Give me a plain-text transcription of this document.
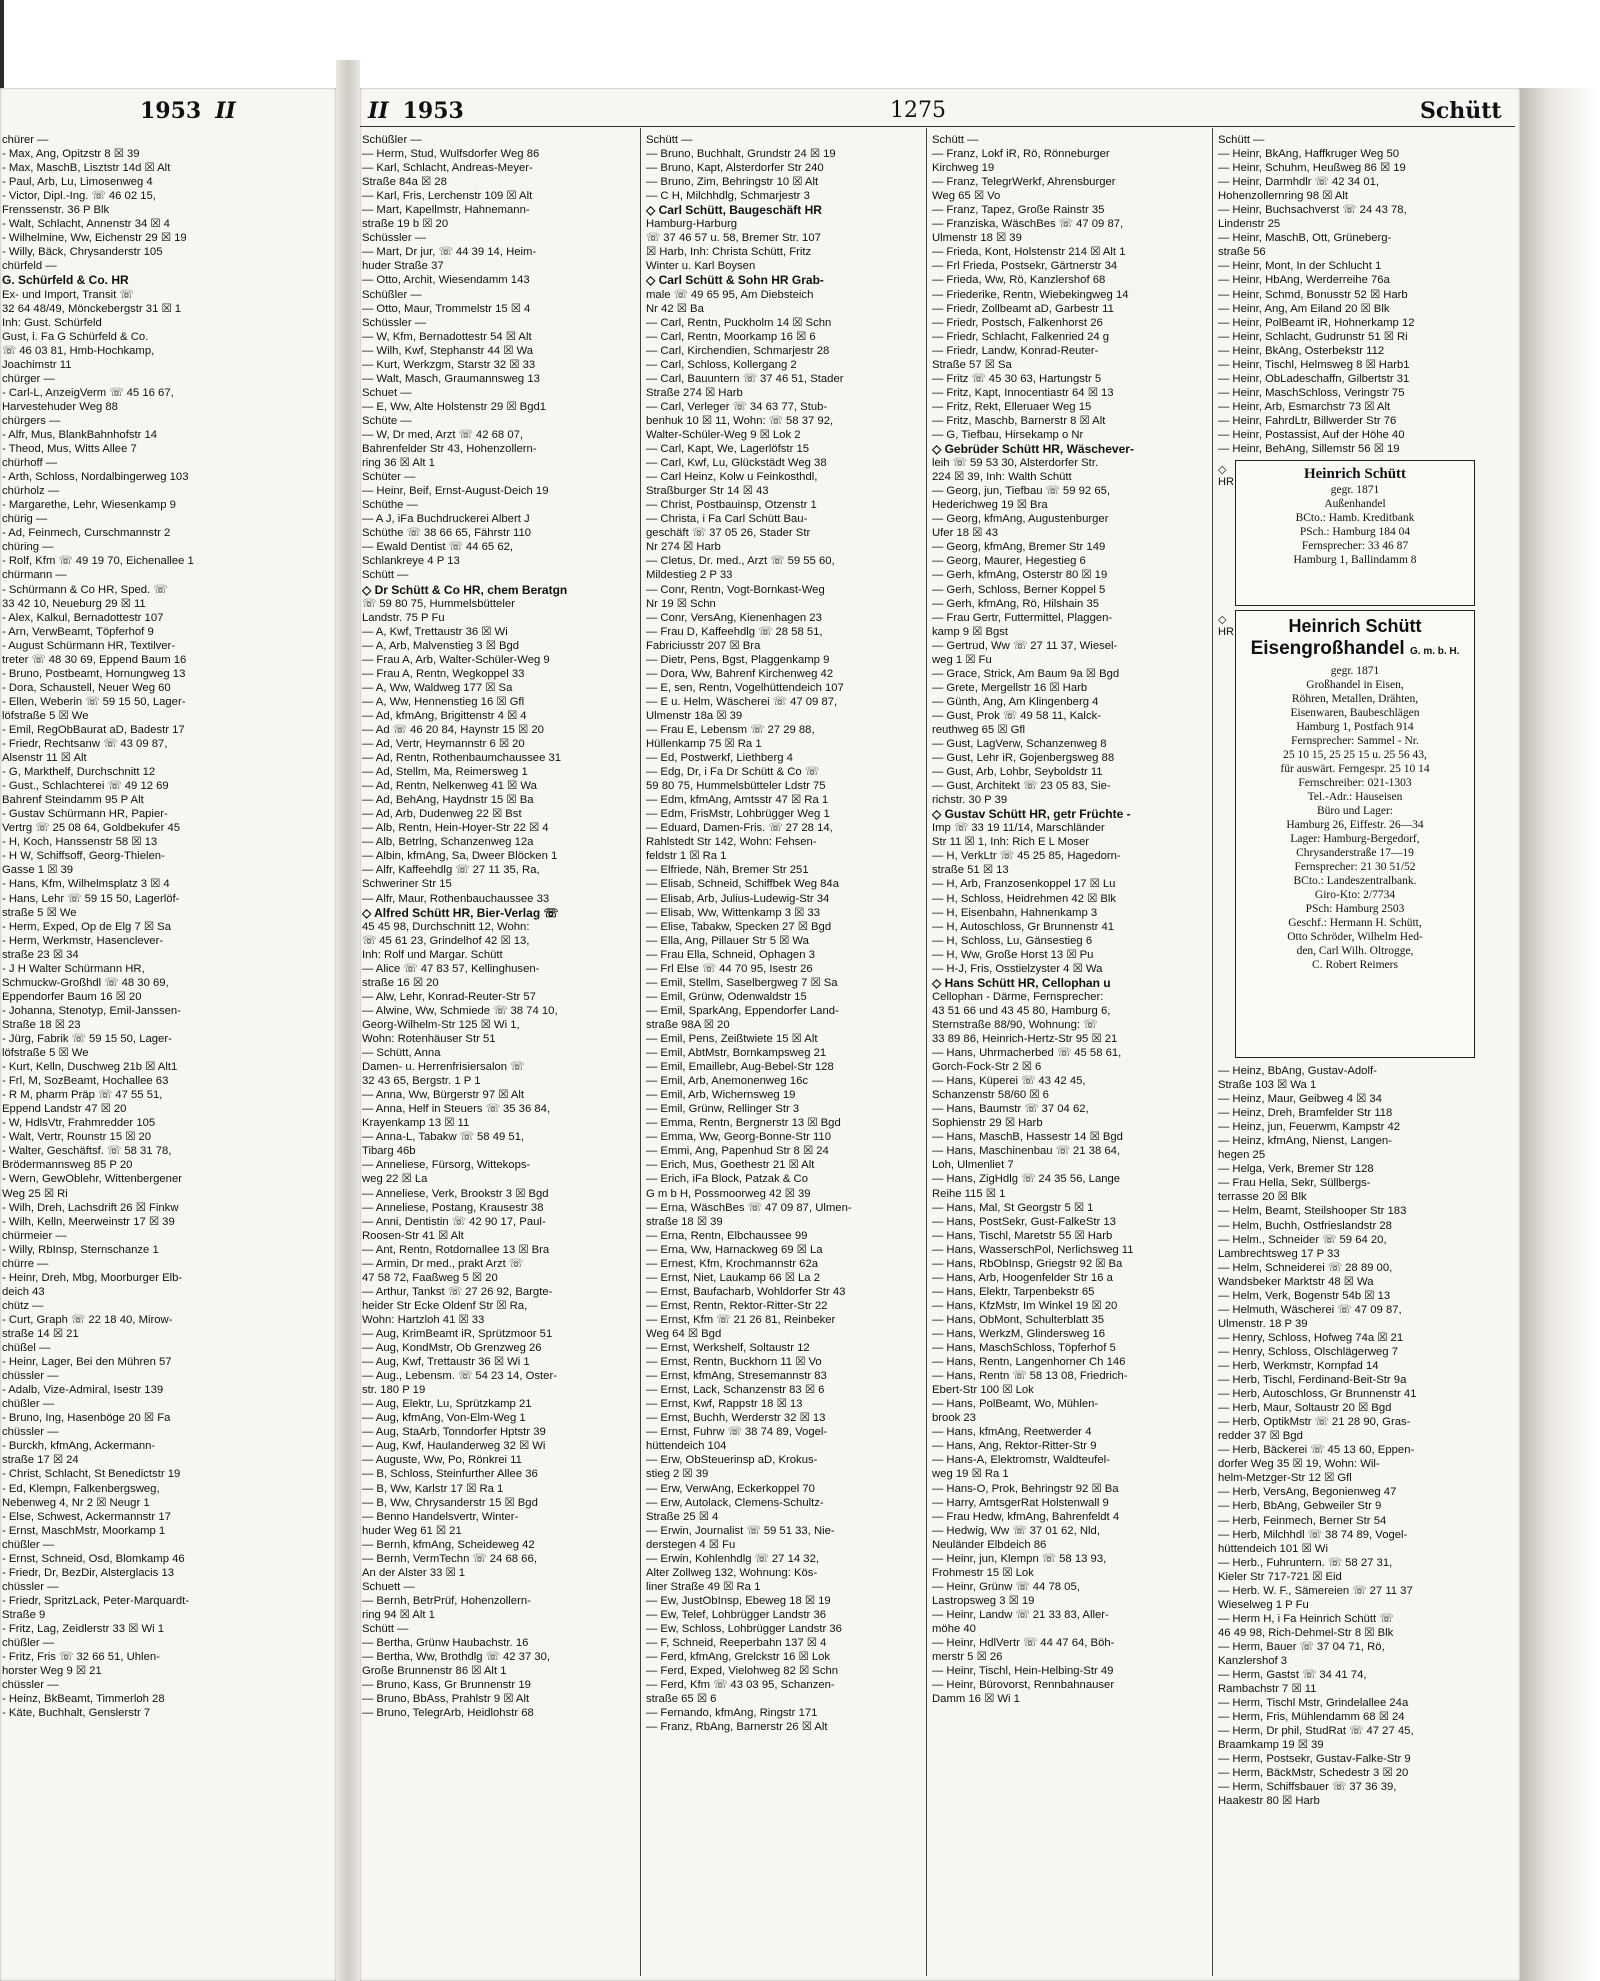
1953 II
chürer —
- Max, Ang, Opitzstr 8 ☒ 39
- Max, MaschB, Lisztstr 14d ☒ Alt
- Paul, Arb, Lu, Limosenweg 4
- Victor, Dipl.-Ing. ☏ 46 02 15,
Frenssenstr. 36 P Blk
- Walt, Schlacht, Annenstr 34 ☒ 4
- Wilhelmine, Ww, Eichenstr 29 ☒ 19
- Willy, Bäck, Chrysanderstr 105
chürfeld —
G. Schürfeld & Co. HR
Ex- und Import, Transit ☏
32 64 48/49, Mönckebergstr 31 ☒ 1
Inh: Gust. Schürfeld
Gust, i. Fa G Schürfeld & Co.
☏ 46 03 81, Hmb-Hochkamp,
Joachimstr 11
chürger —
- Carl-L, AnzeigVerm ☏ 45 16 67,
Harvestehuder Weg 88
chürgers —
- Alfr, Mus, BlankBahnhofstr 14
- Theod, Mus, Witts Allee 7
chürhoff —
- Arth, Schloss, Nordalbingerweg 103
chürholz —
- Margarethe, Lehr, Wiesenkamp 9
chürig —
- Ad, Feinmech, Curschmannstr 2
chüring —
- Rolf, Kfm ☏ 49 19 70, Eichenallee 1
chürmann —
- Schürmann & Co HR, Sped. ☏
33 42 10, Neueburg 29 ☒ 11
- Alex, Kalkul, Bernadottestr 107
- Arn, VerwBeamt, Töpferhof 9
- August Schürmann HR, Textilver-
treter ☏ 48 30 69, Eppend Baum 16
- Bruno, Postbeamt, Hornungweg 13
- Dora, Schaustell, Neuer Weg 60
- Ellen, Weberin ☏ 59 15 50, Lager-
löfstraße 5 ☒ We
- Emil, RegObBaurat aD, Badestr 17
- Friedr, Rechtsanw ☏ 43 09 87,
Alsenstr 11 ☒ Alt
- G, Markthelf, Durchschnitt 12
- Gust., Schlachterei ☏ 49 12 69
Bahrenf Steindamm 95 P Alt
- Gustav Schürmann HR, Papier-
Vertrg ☏ 25 08 64, Goldbekufer 45
- H, Koch, Hanssenstr 58 ☒ 13
- H W, Schiffsoff, Georg-Thielen-
Gasse 1 ☒ 39
- Hans, Kfm, Wilhelmsplatz 3 ☒ 4
- Hans, Lehr ☏ 59 15 50, Lagerlöf-
straße 5 ☒ We
- Herm, Exped, Op de Elg 7 ☒ Sa
- Herm, Werkmstr, Hasenclever-
straße 23 ☒ 34
- J H Walter Schürmann HR,
Schmuckw-Großhdl ☏ 48 30 69,
Eppendorfer Baum 16 ☒ 20
- Johanna, Stenotyp, Emil-Janssen-
Straße 18 ☒ 23
- Jürg, Fabrik ☏ 59 15 50, Lager-
löfstraße 5 ☒ We
- Kurt, Kelln, Duschweg 21b ☒ Alt1
- Frl, M, SozBeamt, Hochallee 63
- R M, pharm Präp ☏ 47 55 51,
Eppend Landstr 47 ☒ 20
- W, HdlsVtr, Frahmredder 105
- Walt, Vertr, Rounstr 15 ☒ 20
- Walter, Geschäftsf. ☏ 58 31 78,
Brödermannsweg 85 P 20
- Wern, GewOblehr, Wittenbergener
Weg 25 ☒ Ri
- Wilh, Dreh, Lachsdrift 26 ☒ Finkw
- Wilh, Kelln, Meerweinstr 17 ☒ 39
chürmeier —
- Willy, RbInsp, Sternschanze 1
chürre —
- Heinr, Dreh, Mbg, Moorburger Elb-
deich 43
chütz —
- Curt, Graph ☏ 22 18 40, Mirow-
straße 14 ☒ 21
chüßel —
- Heinr, Lager, Bei den Mühren 57
chüssler —
- Adalb, Vize-Admiral, Isestr 139
chüßler —
- Bruno, Ing, Hasenböge 20 ☒ Fa
chüssler —
- Burckh, kfmAng, Ackermann-
straße 17 ☒ 24
- Christ, Schlacht, St Benedictstr 19
- Ed, Klempn, Falkenbergsweg,
Nebenweg 4, Nr 2 ☒ Neugr 1
- Else, Schwest, Ackermannstr 17
- Ernst, MaschMstr, Moorkamp 1
chüßler —
- Ernst, Schneid, Osd, Blomkamp 46
- Friedr, Dr, BezDir, Alsterglacis 13
chüssler —
- Friedr, SpritzLack, Peter-Marquardt-
Straße 9
- Fritz, Lag, Zeidlerstr 33 ☒ Wi 1
chüßler —
- Fritz, Fris ☏ 32 66 51, Uhlen-
horster Weg 9 ☒ 21
chüssler —
- Heinz, BkBeamt, Timmerloh 28
- Käte, Buchhalt, Genslerstr 7
II 1953	1275	Schütt
Schüßler —
— Herm, Stud, Wulfsdorfer Weg 86
— Karl, Schlacht, Andreas-Meyer-
Straße 84a ☒ 28
— Karl, Fris, Lerchenstr 109 ☒ Alt
— Mart, Kapellmstr, Hahnemann-
straße 19 b ☒ 20
Schüssler —
— Mart, Dr jur, ☏ 44 39 14, Heim-
huder Straße 37
— Otto, Archit, Wiesendamm 143
Schüßler —
— Otto, Maur, Trommelstr 15 ☒ 4
Schüssler —
— W, Kfm, Bernadottestr 54 ☒ Alt
— Wilh, Kwf, Stephanstr 44 ☒ Wa
— Kurt, Werkzgm, Starstr 32 ☒ 33
— Walt, Masch, Graumannsweg 13
Schuet —
— E, Ww, Alte Holstenstr 29 ☒ Bgd1
Schüte —
— W, Dr med, Arzt ☏ 42 68 07,
Bahrenfelder Str 43, Hohenzollern-
ring 36 ☒ Alt 1
Schüter —
— Heinr, Beif, Ernst-August-Deich 19
Schüthe —
— A J, iFa Buchdruckerei Albert J
Schüthe ☏ 38 66 65, Fährstr 110
— Ewald Dentist ☏ 44 65 62,
Schlankreye 4 P 13
Schütt —
◇ Dr Schütt & Co HR, chem Beratgn
☏ 59 80 75, Hummelsbütteler
Landstr. 75 P Fu
— A, Kwf, Trettaustr 36 ☒ Wi
— A, Arb, Malvenstieg 3 ☒ Bgd
— Frau A, Arb, Walter-Schüler-Weg 9
— Frau A, Rentn, Wegkoppel 33
— A, Ww, Waldweg 177 ☒ Sa
— A, Ww, Hennenstieg 16 ☒ Gfl
— Ad, kfmAng, Brigittenstr 4 ☒ 4
— Ad ☏ 46 20 84, Haynstr 15 ☒ 20
— Ad, Vertr, Heymannstr 6 ☒ 20
— Ad, Rentn, Rothenbaumchaussee 31
— Ad, Stellm, Ma, Reimersweg 1
— Ad, Rentn, Nelkenweg 41 ☒ Wa
— Ad, BehAng, Haydnstr 15 ☒ Ba
— Ad, Arb, Dudenweg 22 ☒ Bst
— Alb, Rentn, Hein-Hoyer-Str 22 ☒ 4
— Alb, Betrlng, Schanzenweg 12a
— Albin, kfmAng, Sa, Dweer Blöcken 1
— Alfr, Kaffeehdlg ☏ 27 11 35, Ra,
Schweriner Str 15
— Alfr, Maur, Rothenbauchaussee 33
◇ Alfred Schütt HR, Bier-Verlag ☏
45 45 98, Durchschnitt 12, Wohn:
☏ 45 61 23, Grindelhof 42 ☒ 13,
Inh: Rolf und Margar. Schütt
— Alice ☏ 47 83 57, Kellinghusen-
straße 16 ☒ 20
— Alw, Lehr, Konrad-Reuter-Str 57
— Alwine, Ww, Schmiede ☏ 38 74 10,
Georg-Wilhelm-Str 125 ☒ Wi 1,
Wohn: Rotenhäuser Str 51
— Schütt, Anna
Damen- u. Herrenfrisiersalon ☏
32 43 65, Bergstr. 1 P 1
— Anna, Ww, Bürgerstr 97 ☒ Alt
— Anna, Helf in Steuers ☏ 35 36 84,
Krayenkamp 13 ☒ 11
— Anna-L, Tabakw ☏ 58 49 51,
Tibarg 46b
— Anneliese, Fürsorg, Wittekops-
weg 22 ☒ La
— Anneliese, Verk, Brookstr 3 ☒ Bgd
— Anneliese, Postang, Krausestr 38
— Anni, Dentistin ☏ 42 90 17, Paul-
Roosen-Str 41 ☒ Alt
— Ant, Rentn, Rotdornallee 13 ☒ Bra
— Armin, Dr med., prakt Arzt ☏
47 58 72, Faaßweg 5 ☒ 20
— Arthur, Tankst ☏ 27 26 92, Bargte-
heider Str Ecke Oldenf Str ☒ Ra,
Wohn: Hartzloh 41 ☒ 33
— Aug, KrimBeamt iR, Sprützmoor 51
— Aug, KondMstr, Ob Grenzweg 26
— Aug, Kwf, Trettaustr 36 ☒ Wi 1
— Aug., Lebensm. ☏ 54 23 14, Oster-
str. 180 P 19
— Aug, Elektr, Lu, Sprützkamp 21
— Aug, kfmAng, Von-Elm-Weg 1
— Aug, StaArb, Tonndorfer Hptstr 39
— Aug, Kwf, Haulanderweg 32 ☒ Wi
— Auguste, Ww, Po, Rönkrei 11
— B, Schloss, Steinfurther Allee 36
— B, Ww, Karlstr 17 ☒ Ra 1
— B, Ww, Chrysanderstr 15 ☒ Bgd
— Benno Handelsvertr, Winter-
huder Weg 61 ☒ 21
— Bernh, kfmAng, Scheideweg 42
— Bernh, VermTechn ☏ 24 68 66,
An der Alster 33 ☒ 1
Schuett —
— Bernh, BetrPrüf, Hohenzollern-
ring 94 ☒ Alt 1
Schütt —
— Bertha, Grünw Haubachstr. 16
— Bertha, Ww, Brothdlg ☏ 42 37 30,
Große Brunnenstr 86 ☒ Alt 1
— Bruno, Kass, Gr Brunnenstr 19
— Bruno, BbAss, Prahlstr 9 ☒ Alt
— Bruno, TelegrArb, Heidlohstr 68
Schütt —
— Bruno, Buchhalt, Grundstr 24 ☒ 19
— Bruno, Kapt, Alsterdorfer Str 240
— Bruno, Zim, Behringstr 10 ☒ Alt
— C H, Milchhdlg, Schmarjestr 3
◇ Carl Schütt, Baugeschäft HR
Hamburg-Harburg
☏ 37 46 57 u. 58, Bremer Str. 107
☒ Harb, Inh: Christa Schütt, Fritz
Winter u. Karl Boysen
◇ Carl Schütt & Sohn HR Grab-
male ☏ 49 65 95, Am Diebsteich
Nr 42 ☒ Ba
— Carl, Rentn, Puckholm 14 ☒ Schn
— Carl, Rentn, Moorkamp 16 ☒ 6
— Carl, Kirchendien, Schmarjestr 28
— Carl, Schloss, Kollergang 2
— Carl, Bauuntern ☏ 37 46 51, Stader
Straße 274 ☒ Harb
— Carl, Verleger ☏ 34 63 77, Stub-
benhuk 10 ☒ 11, Wohn: ☏ 58 37 92,
Walter-Schüler-Weg 9 ☒ Lok 2
— Carl, Kapt, We, Lagerlöfstr 15
— Carl, Kwf, Lu, Glückstädt Weg 38
— Carl Heinz, Kolw u Feinkosthdl,
Straßburger Str 14 ☒ 43
— Christ, Postbauinsp, Otzenstr 1
— Christa, i Fa Carl Schütt Bau-
geschäft ☏ 37 05 26, Stader Str
Nr 274 ☒ Harb
— Cletus, Dr. med., Arzt ☏ 59 55 60,
Mildestieg 2 P 33
— Conr, Rentn, Vogt-Bornkast-Weg
Nr 19 ☒ Schn
— Conr, VersAng, Kienenhagen 23
— Frau D, Kaffeehdlg ☏ 28 58 51,
Fabriciusstr 207 ☒ Bra
— Dietr, Pens, Bgst, Plaggenkamp 9
— Dora, Ww, Bahrenf Kirchenweg 42
— E, sen, Rentn, Vogelhüttendeich 107
— E u. Helm, Wäscherei ☏ 47 09 87,
Ulmenstr 18a ☒ 39
— Frau E, Lebensm ☏ 27 29 88,
Hüllenkamp 75 ☒ Ra 1
— Ed, Postwerkf, Liethberg 4
— Edg, Dr, i Fa Dr Schütt & Co ☏
59 80 75, Hummelsbütteler Ldstr 75
— Edm, kfmAng, Amtsstr 47 ☒ Ra 1
— Edm, FrisMstr, Lohbrügger Weg 1
— Eduard, Damen-Fris. ☏ 27 28 14,
Rahlstedt Str 142, Wohn: Fehsen-
feldstr 1 ☒ Ra 1
— Elfriede, Näh, Bremer Str 251
— Elisab, Schneid, Schiffbek Weg 84a
— Elisab, Arb, Julius-Ludewig-Str 34
— Elisab, Ww, Wittenkamp 3 ☒ 33
— Elise, Tabakw, Specken 27 ☒ Bgd
— Ella, Ang, Pillauer Str 5 ☒ Wa
— Frau Ella, Schneid, Ophagen 3
— Frl Else ☏ 44 70 95, Isestr 26
— Emil, Stellm, Saselbergweg 7 ☒ Sa
— Emil, Grünw, Odenwaldstr 15
— Emil, SparkAng, Eppendorfer Land-
straße 98A ☒ 20
— Emil, Pens, Zeißtwiete 15 ☒ Alt
— Emil, AbtMstr, Bornkampsweg 21
— Emil, Emaillebr, Aug-Bebel-Str 128
— Emil, Arb, Anemonenweg 16c
— Emil, Arb, Wichernsweg 19
— Emil, Grünw, Rellinger Str 3
— Emma, Rentn, Bergnerstr 13 ☒ Bgd
— Emma, Ww, Georg-Bonne-Str 110
— Emmi, Ang, Papenhud Str 8 ☒ 24
— Erich, Mus, Goethestr 21 ☒ Alt
— Erich, iFa Block, Patzak & Co
G m b H, Possmoorweg 42 ☒ 39
— Erna, WäschBes ☏ 47 09 87, Ulmen-
straße 18 ☒ 39
— Erna, Rentn, Elbchaussee 99
— Erna, Ww, Harnackweg 69 ☒ La
— Ernest, Kfm, Krochmannstr 62a
— Ernst, Niet, Laukamp 66 ☒ La 2
— Ernst, Baufacharb, Wohldorfer Str 43
— Ernst, Rentn, Rektor-Ritter-Str 22
— Ernst, Kfm ☏ 21 26 81, Reinbeker
Weg 64 ☒ Bgd
— Ernst, Werkshelf, Soltaustr 12
— Ernst, Rentn, Buckhorn 11 ☒ Vo
— Ernst, kfmAng, Stresemannstr 83
— Ernst, Lack, Schanzenstr 83 ☒ 6
— Ernst, Kwf, Rappstr 18 ☒ 13
— Ernst, Buchh, Werderstr 32 ☒ 13
— Ernst, Fuhrw ☏ 38 74 89, Vogel-
hüttendeich 104
— Erw, ObSteuerinsp aD, Krokus-
stieg 2 ☒ 39
— Erw, VerwAng, Eckerkoppel 70
— Erw, Autolack, Clemens-Schultz-
Straße 25 ☒ 4
— Erwin, Journalist ☏ 59 51 33, Nie-
derstegen 4 ☒ Fu
— Erwin, Kohlenhdlg ☏ 27 14 32,
Alter Zollweg 132, Wohnung: Kös-
liner Straße 49 ☒ Ra 1
— Ew, JustObInsp, Ebeweg 18 ☒ 19
— Ew, Telef, Lohbrügger Landstr 36
— Ew, Schloss, Lohbrügger Landstr 36
— F, Schneid, Reeperbahn 137 ☒ 4
— Ferd, kfmAng, Grelckstr 16 ☒ Lok
— Ferd, Exped, Vielohweg 82 ☒ Schn
— Ferd, Kfm ☏ 43 03 95, Schanzen-
straße 65 ☒ 6
— Fernando, kfmAng, Ringstr 171
— Franz, RbAng, Barnerstr 26 ☒ Alt
Schütt —
— Franz, Lokf iR, Rö, Rönneburger
Kirchweg 19
— Franz, TelegrWerkf, Ahrensburger
Weg 65 ☒ Vo
— Franz, Tapez, Große Rainstr 35
— Franziska, WäschBes ☏ 47 09 87,
Ulmenstr 18 ☒ 39
— Frieda, Kont, Holstenstr 214 ☒ Alt 1
— Frl Frieda, Postsekr, Gärtnerstr 34
— Frieda, Ww, Rö, Kanzlershof 68
— Friederike, Rentn, Wiebekingweg 14
— Friedr, Zollbeamt aD, Garbestr 11
— Friedr, Postsch, Falkenhorst 26
— Friedr, Schlacht, Falkenried 24 g
— Friedr, Landw, Konrad-Reuter-
Straße 57 ☒ Sa
— Fritz ☏ 45 30 63, Hartungstr 5
— Fritz, Kapt, Innocentiastr 64 ☒ 13
— Fritz, Rekt, Elleruaer Weg 15
— Fritz, Maschb, Barnerstr 8 ☒ Alt
— G, Tiefbau, Hirsekamp o Nr
◇ Gebrüder Schütt HR, Wäschever-
leih ☏ 59 53 30, Alsterdorfer Str.
224 ☒ 39, Inh: Walth Schütt
— Georg, jun, Tiefbau ☏ 59 92 65,
Hederichweg 19 ☒ Bra
— Georg, kfmAng, Augustenburger
Ufer 18 ☒ 43
— Georg, kfmAng, Bremer Str 149
— Georg, Maurer, Hegestieg 6
— Gerh, kfmAng, Osterstr 80 ☒ 19
— Gerh, Schloss, Berner Koppel 5
— Gerh, kfmAng, Rö, Hilshain 35
— Frau Gertr, Futtermittel, Plaggen-
kamp 9 ☒ Bgst
— Gertrud, Ww ☏ 27 11 37, Wiesel-
weg 1 ☒ Fu
— Grace, Strick, Am Baum 9a ☒ Bgd
— Grete, Mergellstr 16 ☒ Harb
— Günth, Ang, Am Klingenberg 4
— Gust, Prok ☏ 49 58 11, Kalck-
reuthweg 65 ☒ Gfl
— Gust, LagVerw, Schanzenweg 8
— Gust, Lehr iR, Gojenbergsweg 88
— Gust, Arb, Lohbr, Seyboldstr 11
— Gust, Architekt ☏ 23 05 83, Sie-
richstr. 30 P 39
◇ Gustav Schütt HR, getr Früchte -
Imp ☏ 33 19 11/14, Marschländer
Str 11 ☒ 1, Inh: Rich E L Moser
— H, VerkLtr ☏ 45 25 85, Hagedorn-
straße 51 ☒ 13
— H, Arb, Franzosenkoppel 17 ☒ Lu
— H, Schloss, Heidrehmen 42 ☒ Blk
— H, Eisenbahn, Hahnenkamp 3
— H, Autoschloss, Gr Brunnenstr 41
— H, Schloss, Lu, Gänsestieg 6
— H, Ww, Große Horst 13 ☒ Pu
— H-J, Fris, Osstielzyster 4 ☒ Wa
◇ Hans Schütt HR, Cellophan u
Cellophan - Därme, Fernsprecher:
43 51 66 und 43 45 80, Hamburg 6,
Sternstraße 88/90, Wohnung: ☏
33 89 86, Heinrich-Hertz-Str 95 ☒ 21
— Hans, Uhrmacherbed ☏ 45 58 61,
Gorch-Fock-Str 2 ☒ 6
— Hans, Küperei ☏ 43 42 45,
Schanzenstr 58/60 ☒ 6
— Hans, Baumstr ☏ 37 04 62,
Sophienstr 29 ☒ Harb
— Hans, MaschB, Hassestr 14 ☒ Bgd
— Hans, Maschinenbau ☏ 21 38 64,
Loh, Ulmenliet 7
— Hans, ZigHdlg ☏ 24 35 56, Lange
Reihe 115 ☒ 1
— Hans, Mal, St Georgstr 5 ☒ 1
— Hans, PostSekr, Gust-FalkeStr 13
— Hans, Tischl, Maretstr 55 ☒ Harb
— Hans, WasserschPol, Nerlichsweg 11
— Hans, RbObInsp, Griegstr 92 ☒ Ba
— Hans, Arb, Hoogenfelder Str 16 a
— Hans, Elektr, Tarpenbekstr 65
— Hans, KfzMstr, Im Winkel 19 ☒ 20
— Hans, ObMont, Schulterblatt 35
— Hans, WerkzM, Glindersweg 16
— Hans, MaschSchloss, Töpferhof 5
— Hans, Rentn, Langenhorner Ch 146
— Hans, Rentn ☏ 58 13 08, Friedrich-
Ebert-Str 100 ☒ Lok
— Hans, PolBeamt, Wo, Mühlen-
brook 23
— Hans, kfmAng, Reetwerder 4
— Hans, Ang, Rektor-Ritter-Str 9
— Hans-A, Elektromstr, Waldteufel-
weg 19 ☒ Ra 1
— Hans-O, Prok, Behringstr 92 ☒ Ba
— Harry, AmtsgerRat Holstenwall 9
— Frau Hedw, kfmAng, Bahrenfeldt 4
— Hedwig, Ww ☏ 37 01 62, Nld,
Neuländer Elbdeich 86
— Heinr, jun, Klempn ☏ 58 13 93,
Frohmestr 15 ☒ Lok
— Heinr, Grünw ☏ 44 78 05,
Lastropsweg 3 ☒ 19
— Heinr, Landw ☏ 21 33 83, Aller-
möhe 40
— Heinr, HdlVertr ☏ 44 47 64, Böh-
merstr 5 ☒ 26
— Heinr, Tischl, Hein-Helbing-Str 49
— Heinr, Bürovorst, Rennbahnauser
Damm 16 ☒ Wi 1
Schütt —
— Heinr, BkAng, Haffkruger Weg 50
— Heinr, Schuhm, Heußweg 86 ☒ 19
— Heinr, Darmhdlr ☏ 42 34 01,
Hohenzollernring 98 ☒ Alt
— Heinr, Buchsachverst ☏ 24 43 78,
Lindenstr 25
— Heinr, MaschB, Ott, Grüneberg-
straße 56
— Heinr, Mont, In der Schlucht 1
— Heinr, HbAng, Werderreihe 76a
— Heinr, Schmd, Bonusstr 52 ☒ Harb
— Heinr, Ang, Am Eiland 20 ☒ Blk
— Heinr, PolBeamt iR, Hohnerkamp 12
— Heinr, Schlacht, Gudrunstr 51 ☒ Ri
— Heinr, BkAng, Osterbekstr 112
— Heinr, Tischl, Helmsweg 8 ☒ Harb1
— Heinr, ObLadeschaffn, Gilbertstr 31
— Heinr, MaschSchloss, Veringstr 75
— Heinr, Arb, Esmarchstr 73 ☒ Alt
— Heinr, FahrdLtr, Billwerder Str 76
— Heinr, Postassist, Auf der Höhe 40
— Heinr, BehAng, Sillemstr 56 ☒ 19
◇
HR	Heinrich Schütt
gegr. 1871
Außenhandel
BCto.: Hamb. Kreditbank
PSch.: Hamburg 184 04
Fernsprecher: 33 46 87
Hamburg 1, Ballindamm 8
◇
HR	Heinrich Schütt
Eisengroßhandel G. m. b. H.
gegr. 1871
Großhandel in Eisen,
Röhren, Metallen, Drähten,
Eisenwaren, Baubeschlägen
Hamburg 1, Postfach 914
Fernsprecher: Sammel - Nr.
25 10 15, 25 25 15 u. 25 56 43,
für auswärt. Ferngespr. 25 10 14
Fernschreiber: 021-1303
Tel.-Adr.: Hauseisen
Büro und Lager:
Hamburg 26, Eiffestr. 26—34
Lager: Hamburg-Bergedorf,
Chrysanderstraße 17—19
Fernsprecher: 21 30 51/52
BCto.: Landeszentralbank.
Giro-Kto: 2/7734
PSch: Hamburg 2503
Geschf.: Hermann H. Schütt,
Otto Schröder, Wilhelm Hed-
den, Carl Wilh. Oltrogge,
C. Robert Reimers
— Heinz, BbAng, Gustav-Adolf-
Straße 103 ☒ Wa 1
— Heinz, Maur, Geibweg 4 ☒ 34
— Heinz, Dreh, Bramfelder Str 118
— Heinz, jun, Feuerwm, Kampstr 42
— Heinz, kfmAng, Nienst, Langen-
hegen 25
— Helga, Verk, Bremer Str 128
— Frau Hella, Sekr, Süllbergs-
terrasse 20 ☒ Blk
— Helm, Beamt, Steilshooper Str 183
— Helm, Buchh, Ostfrieslandstr 28
— Helm., Schneider ☏ 59 64 20,
Lambrechtsweg 17 P 33
— Helm, Schneiderei ☏ 28 89 00,
Wandsbeker Marktstr 48 ☒ Wa
— Helm, Verk, Bogenstr 54b ☒ 13
— Helmuth, Wäscherei ☏ 47 09 87,
Ulmenstr. 18 P 39
— Henry, Schloss, Hofweg 74a ☒ 21
— Henry, Schloss, Olschlägerweg 7
— Herb, Werkmstr, Kornpfad 14
— Herb, Tischl, Ferdinand-Beit-Str 9a
— Herb, Autoschloss, Gr Brunnenstr 41
— Herb, Maur, Soltaustr 20 ☒ Bgd
— Herb, OptikMstr ☏ 21 28 90, Gras-
redder 37 ☒ Bgd
— Herb, Bäckerei ☏ 45 13 60, Eppen-
dorfer Weg 35 ☒ 19, Wohn: Wil-
helm-Metzger-Str 12 ☒ Gfl
— Herb, VersAng, Begonienweg 47
— Herb, BbAng, Gebweiler Str 9
— Herb, Feinmech, Berner Str 54
— Herb, Milchhdl ☏ 38 74 89, Vogel-
hüttendeich 101 ☒ Wi
— Herb., Fuhruntern. ☏ 58 27 31,
Kieler Str 717-721 ☒ Eid
— Herb. W. F., Sämereien ☏ 27 11 37
Wieselweg 1 P Fu
— Herm H, i Fa Heinrich Schütt ☏
46 49 98, Rich-Dehmel-Str 8 ☒ Blk
— Herm, Bauer ☏ 37 04 71, Rö,
Kanzlershof 3
— Herm, Gastst ☏ 34 41 74,
Rambachstr 7 ☒ 11
— Herm, Tischl Mstr, Grindelallee 24a
— Herm, Fris, Mühlendamm 68 ☒ 24
— Herm, Dr phil, StudRat ☏ 47 27 45,
Braamkamp 19 ☒ 39
— Herm, Postsekr, Gustav-Falke-Str 9
— Herm, BäckMstr, Schedestr 3 ☒ 20
— Herm, Schiffsbauer ☏ 37 36 39,
Haakestr 80 ☒ Harb
